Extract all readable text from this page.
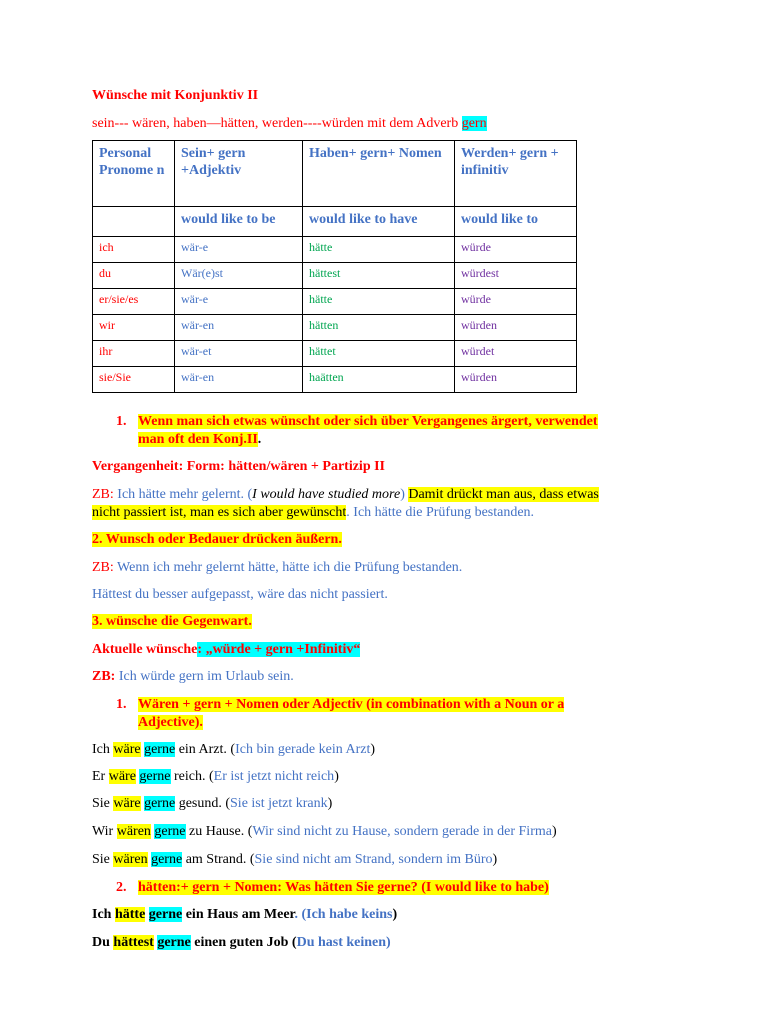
Wünsche mit Konjunktiv II
sein--- wären, haben—hätten, werden----würden mit dem Adverb gern
Personal Pronome n	Sein+ gern +Adjektiv	Haben+ gern+ Nomen	Werden+ gern + infinitiv
	would like to be	would like to have	would like to
ich	wär-e	hätte	würde
du	Wär(e)st	hättest	würdest
er/sie/es	wär-e	hätte	würde
wir	wär-en	hätten	würden
ihr	wär-et	hättet	würdet
sie/Sie	wär-en	haätten	würden
1. Wenn man sich etwas wünscht oder sich über Vergangenes ärgert, verwendet
man oft den Konj.II.
Vergangenheit: Form: hätten/wären + Partizip II
ZB: Ich hätte mehr gelernt. (I would have studied more) Damit drückt man aus, dass etwas
nicht passiert ist, man es sich aber gewünscht. Ich hätte die Prüfung bestanden.
2. Wunsch oder Bedauer drücken äußern.
ZB: Wenn ich mehr gelernt hätte, hätte ich die Prüfung bestanden.
Hättest du besser aufgepasst, wäre das nicht passiert.
3. wünsche die Gegenwart.
Aktuelle wünsche: „würde + gern +Infinitiv“
ZB: Ich würde gern im Urlaub sein.
1. Wären + gern + Nomen oder Adjectiv (in combination with a Noun or a
Adjective).
Ich wäre gerne ein Arzt. (Ich bin gerade kein Arzt)
Er wäre gerne reich. (Er ist jetzt nicht reich)
Sie wäre gerne gesund. (Sie ist jetzt krank)
Wir wären gerne zu Hause. (Wir sind nicht zu Hause, sondern gerade in der Firma)
Sie wären gerne am Strand. (Sie sind nicht am Strand, sondern im Büro)
2. hätten:+ gern + Nomen: Was hätten Sie gerne? (I would like to habe)
Ich hätte gerne ein Haus am Meer. (Ich habe keins)
Du hättest gerne einen guten Job (Du hast keinen)
